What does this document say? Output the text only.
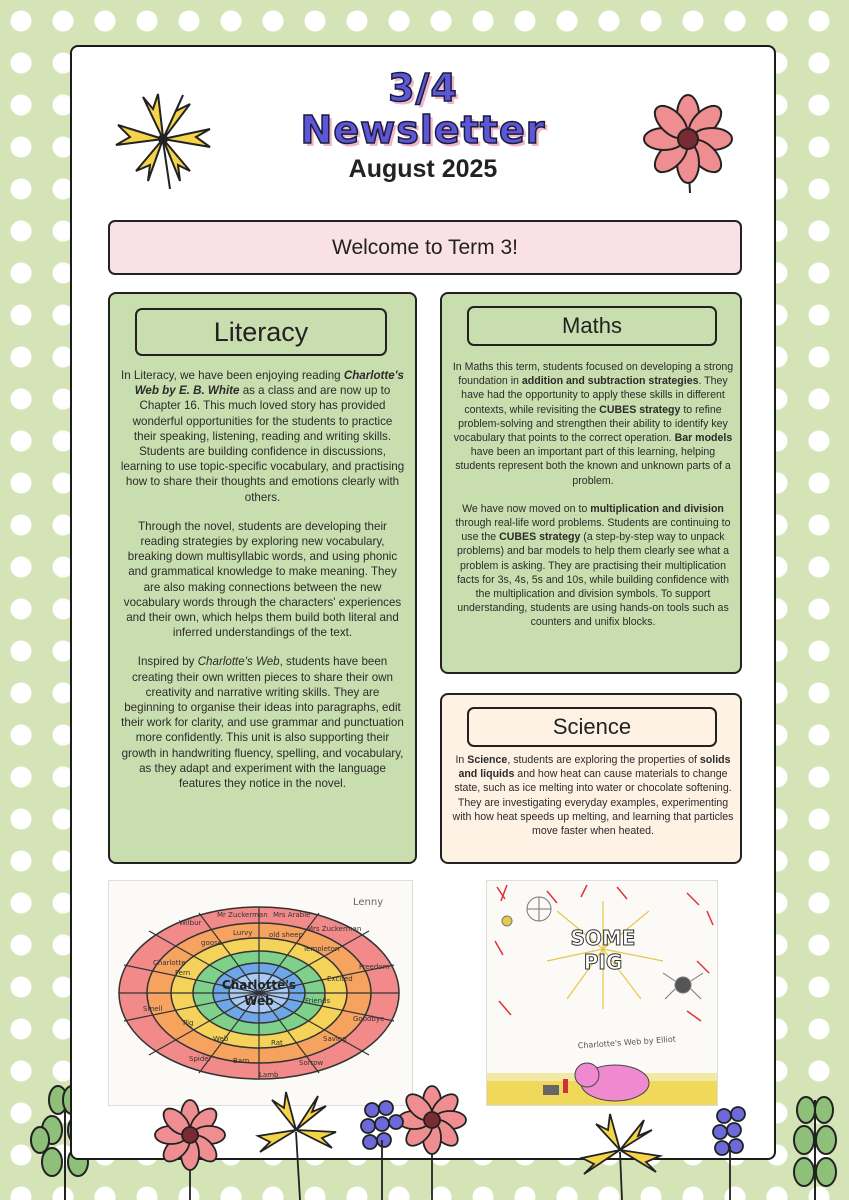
3/4
Newsletter
August 2025
Welcome to Term 3!
Literacy

In Literacy, we have been enjoying reading Charlotte's Web by E. B. White as a class and are now up to Chapter 16. This much loved story has provided wonderful opportunities for the students to practice their speaking, listening, reading and writing skills. Students are building confidence in discussions, learning to use topic-specific vocabulary, and practising how to share their thoughts and emotions clearly with others.

Through the novel, students are developing their reading strategies by exploring new vocabulary, breaking down multisyllabic words, and using phonic and grammatical knowledge to make meaning. They are also making connections between the new vocabulary words through the characters' experiences and their own, which helps them build both literal and inferred understandings of the text.

Inspired by Charlotte's Web, students have been creating their own written pieces to share their own creativity and narrative writing skills. They are beginning to organise their ideas into paragraphs, edit their work for clarity, and use grammar and punctuation more confidently. This unit is also supporting their growth in handwriting fluency, spelling, and vocabulary, as they adapt and experiment with the language features they notice in the novel.

Maths

In Maths this term, students focused on developing a strong foundation in addition and subtraction strategies. They have had the opportunity to apply these skills in different contexts, while revisiting the CUBES strategy to refine problem-solving and strengthen their ability to identify key vocabulary that points to the correct operation. Bar models have been an important part of this learning, helping students represent both the known and unknown parts of a problem.

We have now moved on to multiplication and division through real-life word problems. Students are continuing to use the CUBES strategy (a step-by-step way to unpack problems) and bar models to help them clearly see what a problem is asking. They are practising their multiplication facts for 3s, 4s, 5s and 10s, while building confidence with the multiplication and division symbols. To support understanding, students are using hands-on tools such as counters and unifix blocks.

Science

In Science, students are exploring the properties of solids and liquids and how heat can cause materials to change state, such as ice melting into water or chocolate softening. They are investigating everyday examples, experimenting with how heat speeds up melting, and learning that particles move faster when heated.

Charlotte's
Web
Lenny
Wilbur
Mr Zuckerman Mrs Arable
Mrs Zuckerman
Freedom
Goodbye
Saving
Sorrow
Lamb
Charlotte
Smell
Fern
goose
Lurvy old sheep
Templeton
Excited
Friends
Pig
Web	Rat
Spider	Barn
SOME
PIG
Charlotte's Web by Elliot
